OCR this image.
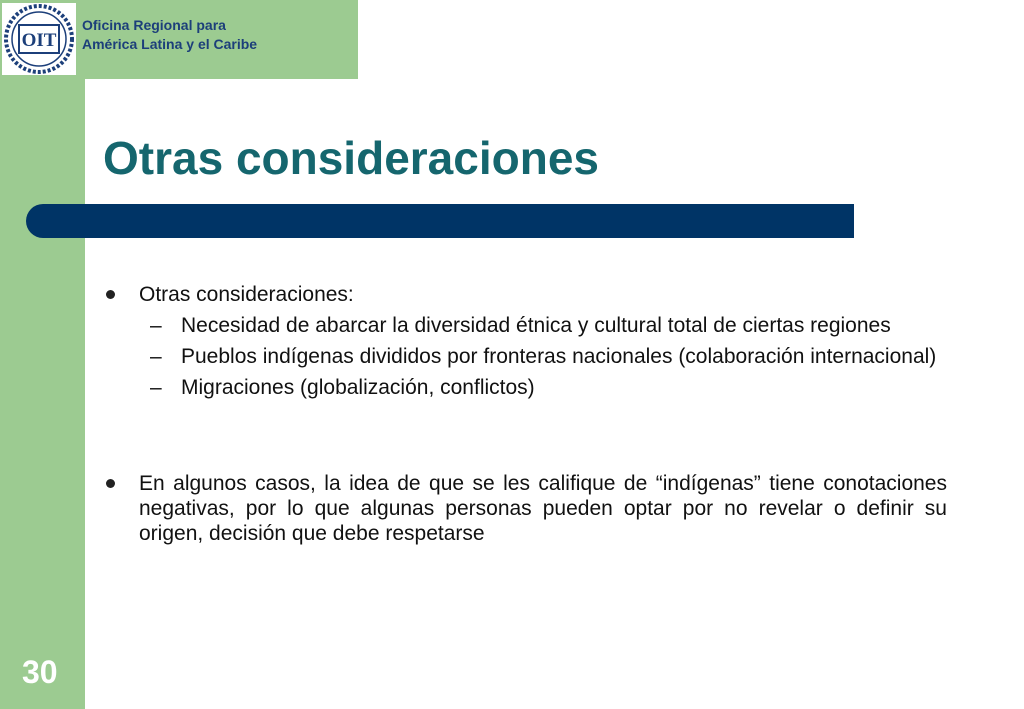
OIT
Oficina Regional para
América Latina y el Caribe
Otras consideraciones
Otras consideraciones:
– Necesidad de abarcar la diversidad étnica y cultural total de ciertas regiones
– Pueblos indígenas divididos por fronteras nacionales (colaboración internacional)
– Migraciones (globalización, conflictos)
En algunos casos, la idea de que se les califique de “indígenas” tiene conotaciones negativas, por lo que algunas personas pueden optar por no revelar o definir su origen, decisión que debe respetarse
30
